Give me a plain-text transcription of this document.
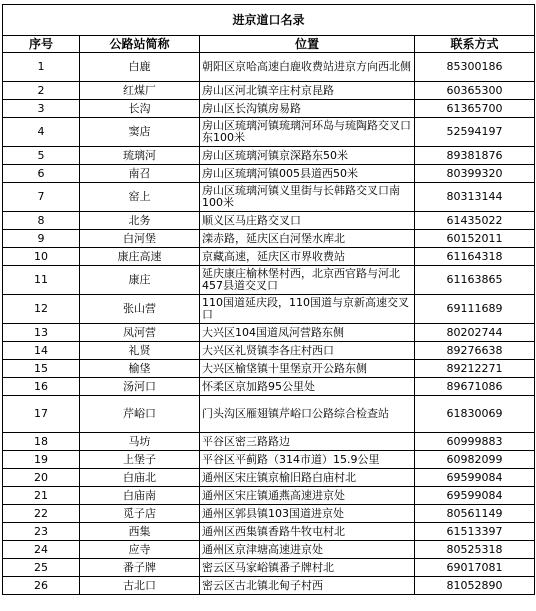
进京道口名录			
序号	公路站简称	位置	联系方式
1	白鹿	朝阳区京哈高速白鹿收费站进京方向西北侧	85300186
2	红煤厂	房山区河北镇辛庄村京昆路	60365300
3	长沟	房山区长沟镇房易路	61365700
4	窦店	房山区琉璃河镇琉璃河环岛与琉陶路交叉口东100米	52594197
5	琉璃河	房山区琉璃河镇京深路东50米	89381876
6	南召	房山区琉璃河镇005县道西50米	80399320
7	窑上	房山区琉璃河镇义里街与长韩路交叉口南100米	80313144
8	北务	顺义区马庄路交叉口	61435022
9	白河堡	滦赤路，延庆区白河堡水库北	60152011
10	康庄高速	京藏高速，延庆区市界收费站	61164318
11	康庄	延庆康庄榆林堡村西，北京西官路与河北457县道交叉口	61163865
12	张山营	110国道延庆段，110国道与京新高速交叉口	69111689
13	凤河营	大兴区104国道凤河营路东侧	80202744
14	礼贤	大兴区礼贤镇李各庄村西口	89276638
15	榆垡	大兴区榆垡镇十里堡京开公路东侧	89212271
16	汤河口	怀柔区京加路95公里处	89671086
17	芹峪口	门头沟区雁翅镇芹峪口公路综合检查站	61830069
18	马坊	平谷区密三路路边	60999883
19	上堡子	平谷区平蓟路（314市道）15.9公里	60982099
20	白庙北	通州区宋庄镇京榆旧路白庙村北	69599084
21	白庙南	通州区宋庄镇通燕高速进京处	69599084
22	觅子店	通州区郭县镇103国道进京处	80561149
23	西集	通州区西集镇香路牛牧屯村北	61513397
24	应寺	通州区京津塘高速进京处	80525318
25	番子牌	密云区马家峪镇番子牌村北	69017081
26	古北口	密云区古北镇北甸子村西	81052890
